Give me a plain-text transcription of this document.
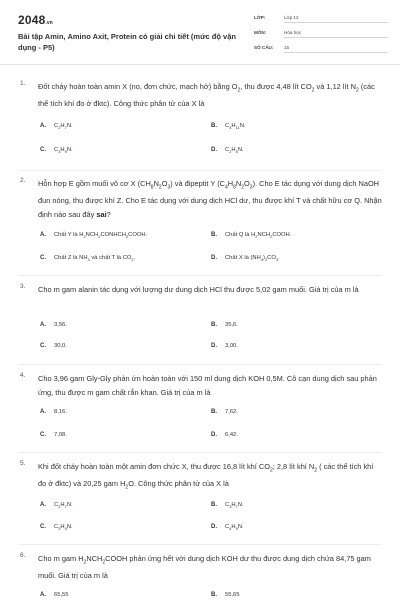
2048.vn
Bài tập Amin, Amino Axit, Protein có giải chi tiết (mức độ vận dụng - P5)
LỚP:	Lớp 12
MÔN:	Hóa học
SỐ CÂU:	15
1. Đốt cháy hoàn toàn amin X (no, đơn chức, mạch hở) bằng $O_2$, thu được 4,48 lít $CO_2$ và 1,12 lít $N_2$ (các thể tích khí đo ở đktc). Công thức phân tử của X là
A. $C_2H_7N$.	B. $C_4H_{11}N$.
C. $C_3H_9N$.	D. $C_2H_5N$.
2. Hỗn hợp E gồm muối vô cơ X $(CH_8N_2O_3)$ và đipeptit Y $(C_4H_8N_2O_3)$. Cho E tác dụng với dung dịch NaOH đun nóng, thu được khí Z. Cho E tác dụng với dung dịch HCl dư, thu được khí T và chất hữu cơ Q. Nhận định nào sau đây sai?
A. Chất Y là $H_2NCH_2CONHCH_2COOH$.	B. Chất Q là $H_2NCH_2COOH$.
C. Chất Z là $NH_3$ và chất T là $CO_2$.	D. Chất X là $(NH_4)_2CO_3$.
3. Cho m gam alanin tác dụng với lượng dư dung dịch HCl thu được 5,02 gam muối. Giá trị của m là
A. 3,56.	B. 35,6.
C. 30,0.	D. 3,00.
4. Cho 3,96 gam Gly-Gly phản ứn hoàn toàn với 150 ml dung dịch KOH 0,5M. Cô cạn dung dịch sau phản ứng, thu được m gam chất rắn khan. Giá trị của m là
A. 8,16.	B. 7,62.
C. 7,08.	D. 6,42.
5. Khi đốt cháy hoàn toàn một amin đơn chức X, thu được 16,8 lít khí $CO_2$; 2,8 lít khí $N_2$ ( các thể tích khí đo ở đktc) và 20,25 gam $H_2O$. Công thức phân tử của X là
A. $C_2H_7N$.	B. $C_3H_7N$.
C. $C_3H_9N$.	D. $C_4H_9N$.
6. Cho m gam $H_2NCH_2COOH$ phản ứng hết với dung dịch KOH dư thu được dung dịch chứa 84,75 gam muối. Giá trị của m là
A. 65,55	B. 55,65
